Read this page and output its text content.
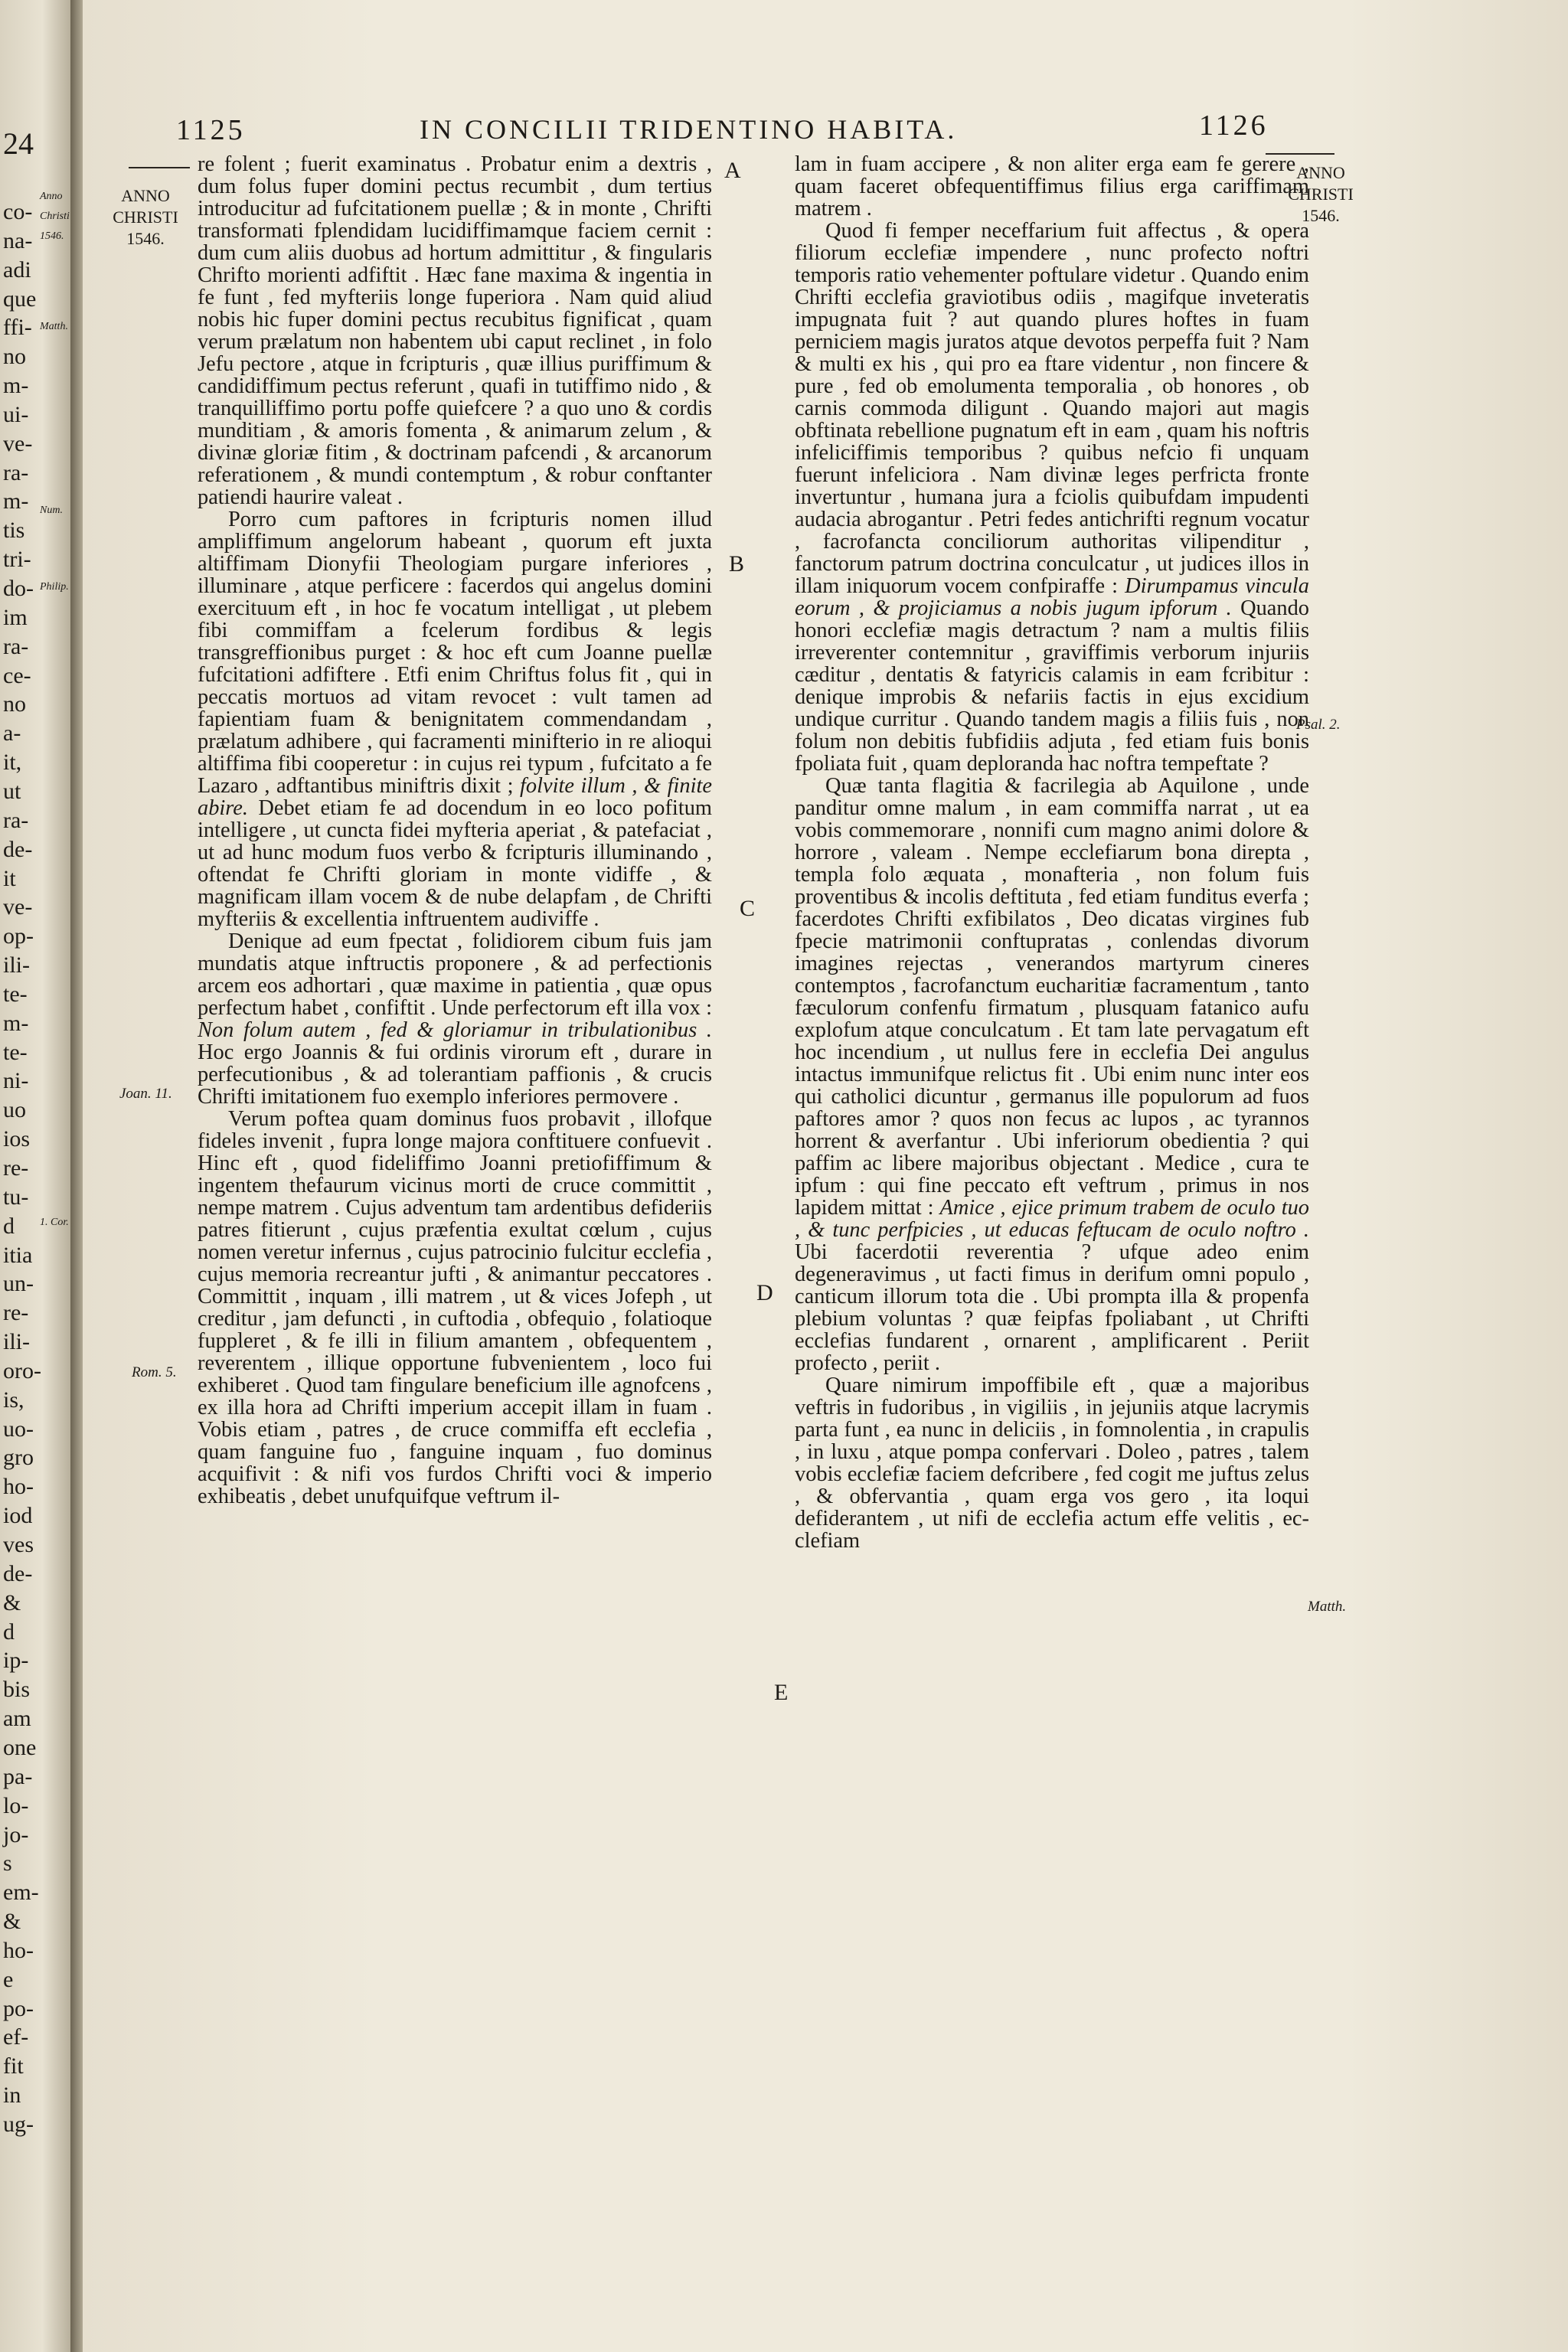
24
co-
na-
adi
que
ffi-
no
m-
ui-
ve-
ra-
m-
tis
tri-
do-
im
ra-
ce-
no
a-
it,
ut
ra-
de-
it
ve-
op-
ili-
te-
m-
te-
ni-
uo
ios
re-
tu-
d
itia
un-
re-
ili-
oro-
is,
uo-
gro
ho-
iod
ves
de-
&
d
ip-
bis
am
one
pa-
lo-
jo-
s
em-
&
ho-
e
po-
ef-
fit
in
ug-
Anno
Christi
1546.
Matth.
Num.
Philip.
1. Cor.
1125	IN CONCILII TRIDENTINO HABITA.	1126
ANNO
CHRISTI
1546.
ANNO
CHRISTI
1546.
Joan. 11.
Rom. 5.
Psal. 2.
Matth.
A
B
C
D
E

re folent ; fuerit examinatus . Probatur enim a dextris , dum folus fuper domini pectus recumbit , dum tertius introducitur ad fufcitationem puellæ ; & in monte , Chrifti transformati fplendidam lucidiffimamque faciem cernit : dum cum aliis duobus ad hortum admittitur , & fingularis Chrifto morienti adfiftit . Hæc fane maxima & ingentia in fe funt , fed myfteriis longe fuperiora . Nam quid aliud nobis hic fuper domini pectus recubitus fignificat , quam verum prælatum non habentem ubi caput reclinet , in folo Jefu pectore , atque in fcripturis , quæ illius puriffimum & candidiffimum pectus referunt , quafi in tutiffimo nido , & tranquilliffimo portu poffe quiefcere ? a quo uno & cordis munditiam , & amoris fomenta , & animarum zelum , & divinæ gloriæ fitim , & doctrinam pafcendi , & arcanorum referationem , & mundi contemptum , & robur conftanter patiendi haurire valeat .

Porro cum paftores in fcripturis nomen illud ampliffimum angelorum habeant , quorum eft juxta altiffimam Dionyfii Theologiam purgare inferiores , illuminare , atque perficere : facerdos qui angelus domini exercituum eft , in hoc fe vocatum intelligat , ut plebem fibi commiffam a fcelerum fordibus & legis transgreffionibus purget : & hoc eft cum Joanne puellæ fufcitationi adfiftere . Etfi enim Chriftus folus fit , qui in peccatis mortuos ad vitam revocet : vult tamen ad fapientiam fuam & benignitatem commendandam , prælatum adhibere , qui facramenti minifterio in re alioqui altiffima fibi cooperetur : in cujus rei typum , fufcitato a fe Lazaro , adftantibus miniftris dixit ; folvite illum , & finite abire. Debet etiam fe ad docendum in eo loco pofitum intelligere , ut cuncta fidei myfteria aperiat , & patefaciat , ut ad hunc modum fuos verbo & fcripturis illuminando , oftendat fe Chrifti gloriam in monte vidiffe , & magnificam illam vocem & de nube delapfam , de Chrifti myfteriis & excellentia inftruentem audiviffe .

Denique ad eum fpectat , folidiorem cibum fuis jam mundatis atque inftructis proponere , & ad perfectionis arcem eos adhortari , quæ maxime in patientia , quæ opus perfectum habet , confiftit . Unde perfectorum eft illa vox : Non folum autem , fed & gloriamur in tribulationibus . Hoc ergo Joannis & fui ordinis virorum eft , durare in perfecutionibus , & ad tolerantiam paffionis , & crucis Chrifti imitationem fuo exemplo inferiores permovere .

Verum poftea quam dominus fuos probavit , illofque fideles invenit , fupra longe majora conftituere confuevit . Hinc eft , quod fideliffimo Joanni pretiofiffimum & ingentem thefaurum vicinus morti de cruce committit , nempe matrem . Cujus adventum tam ardentibus defideriis patres fitierunt , cujus præfentia exultat cœlum , cujus nomen veretur infernus , cujus patrocinio fulcitur ecclefia , cujus memoria recreantur jufti , & animantur peccatores . Committit , inquam , illi matrem , ut & vices Jofeph , ut creditur , jam defuncti , in cuftodia , obfequio , folatioque fuppleret , & fe illi in filium amantem , obfequentem , reverentem , illique opportune fubvenientem , loco fui exhiberet . Quod tam fingulare beneficium ille agnofcens , ex illa hora ad Chrifti imperium accepit illam in fuam . Vobis etiam , patres , de cruce commiffa eft ecclefia , quam fanguine fuo , fanguine inquam , fuo dominus acquifivit : & nifi vos furdos Chrifti voci & imperio exhibeatis , debet unufquifque veftrum il-

lam in fuam accipere , & non aliter erga eam fe gerere , quam faceret obfequentiffimus filius erga cariffimam matrem .

Quod fi femper neceffarium fuit affectus , & opera filiorum ecclefiæ impendere , nunc profecto noftri temporis ratio vehementer poftulare videtur . Quando enim Chrifti ecclefia graviotibus odiis , magifque inveteratis impugnata fuit ? aut quando plures hoftes in fuam perniciem magis juratos atque devotos perpeffa fuit ? Nam & multi ex his , qui pro ea ftare videntur , non fincere & pure , fed ob emolumenta temporalia , ob honores , ob carnis commoda diligunt . Quando majori aut magis obftinata rebellione pugnatum eft in eam , quam his noftris infeliciffimis temporibus ? quibus nefcio fi unquam fuerunt infeliciora . Nam divinæ leges perfricta fronte invertuntur , humana jura a fciolis quibufdam impudenti audacia abrogantur . Petri fedes antichrifti regnum vocatur , facrofancta conciliorum authoritas vilipenditur , fanctorum patrum doctrina conculcatur , ut judices illos in illam iniquorum vocem confpiraffe : Dirumpamus vincula eorum , & projiciamus a nobis jugum ipforum . Quando honori ecclefiæ magis detractum ? nam a multis filiis irreverenter contemnitur , graviffimis verborum injuriis cæditur , dentatis & fatyricis calamis in eam fcribitur : denique improbis & nefariis factis in ejus excidium undique curritur . Quando tandem magis a filiis fuis , non folum non debitis fubfidiis adjuta , fed etiam fuis bonis fpoliata fuit , quam deploranda hac noftra tempeftate ?

Quæ tanta flagitia & facrilegia ab Aquilone , unde panditur omne malum , in eam commiffa narrat , ut ea vobis commemorare , nonnifi cum magno animi dolore & horrore , valeam . Nempe ecclefiarum bona direpta , templa folo æquata , monafteria , non folum fuis proventibus & incolis deftituta , fed etiam funditus everfa ; facerdotes Chrifti exfibilatos , Deo dicatas virgines fub fpecie matrimonii conftupratas , conlendas divorum imagines rejectas , venerandos martyrum cineres contemptos , facrofanctum eucharitiæ facramentum , tanto fæculorum confenfu firmatum , plusquam fatanico aufu explofum atque conculcatum . Et tam late pervagatum eft hoc incendium , ut nullus fere in ecclefia Dei angulus intactus immunifque relictus fit . Ubi enim nunc inter eos qui catholici dicuntur , germanus ille populorum ad fuos paftores amor ? quos non fecus ac lupos , ac tyrannos horrent & averfantur . Ubi inferiorum obedientia ? qui paffim ac libere majoribus objectant . Medice , cura te ipfum : qui fine peccato eft veftrum , primus in nos lapidem mittat : Amice , ejice primum trabem de oculo tuo , & tunc perfpicies , ut educas feftucam de oculo noftro . Ubi facerdotii reverentia ? ufque adeo enim degeneravimus , ut facti fimus in derifum omni populo , canticum illorum tota die . Ubi prompta illa & propenfa plebium voluntas ? quæ feipfas fpoliabant , ut Chrifti ecclefias fundarent , ornarent , amplificarent . Periit profecto , periit .

Quare nimirum impoffibile eft , quæ a majoribus veftris in fudoribus , in vigiliis , in jejuniis atque lacrymis parta funt , ea nunc in deliciis , in fomnolentia , in crapulis , in luxu , atque pompa confervari . Doleo , patres , talem vobis ecclefiæ faciem defcribere , fed cogit me juftus zelus , & obfervantia , quam erga vos gero , ita loqui defiderantem , ut nifi de ecclefia actum effe velitis , ec- clefiam
